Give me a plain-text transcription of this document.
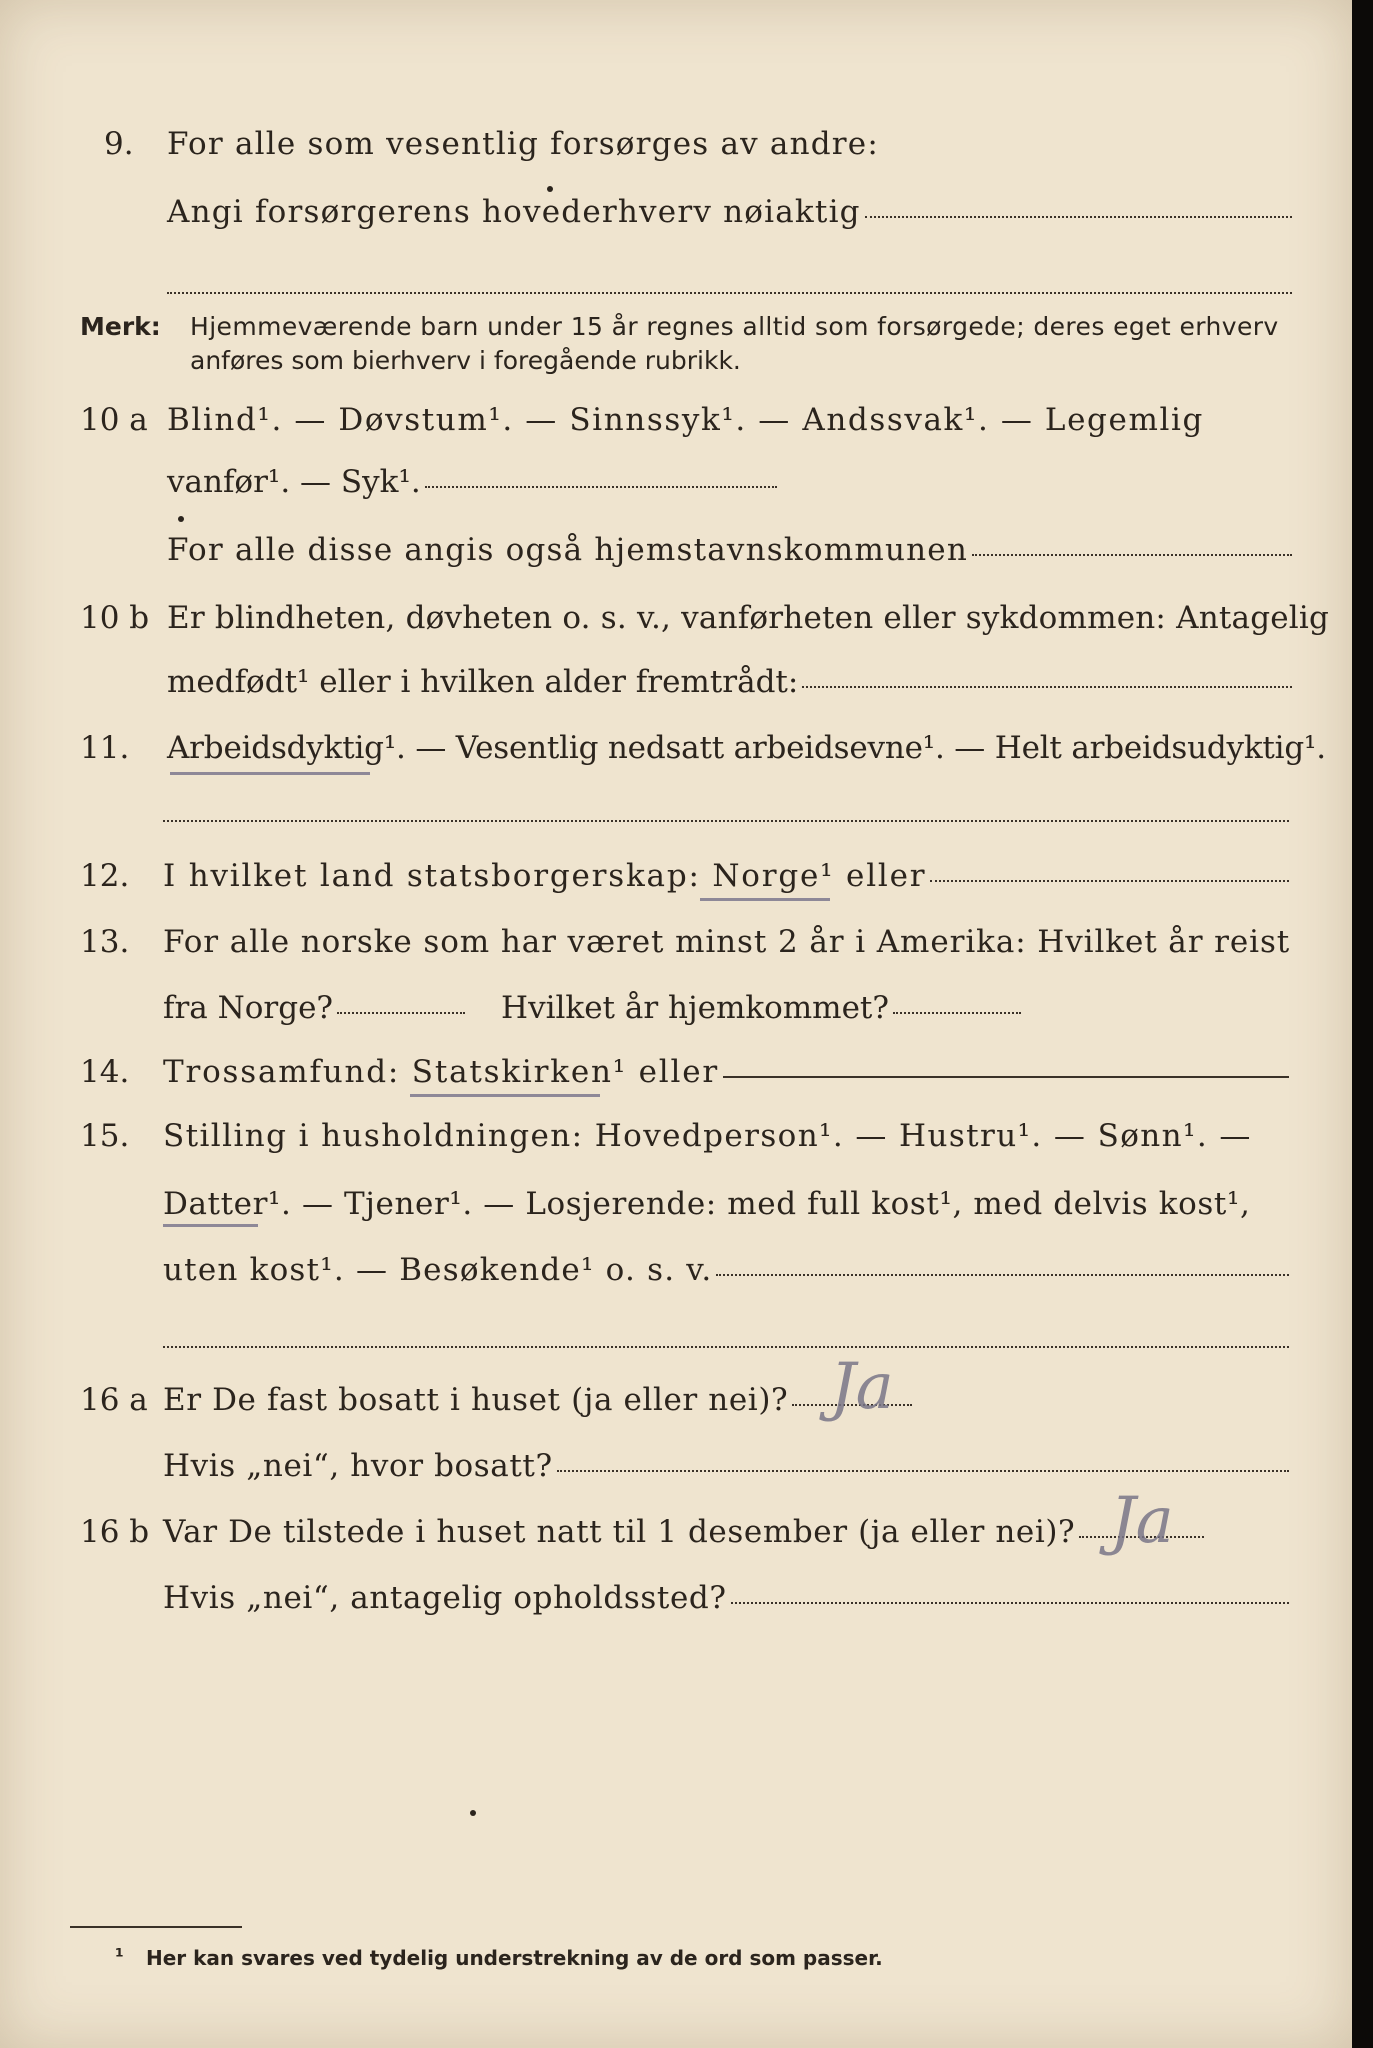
9. For alle som vesentlig forsørges av andre:
Angi forsørgerens hovederhverv nøiaktig
Merk: Hjemmeværende barn under 15 år regnes alltid som forsørgede; deres eget erhverv
anføres som bierhverv i foregående rubrikk.
10 a Blind¹. — Døvstum¹. — Sinnssyk¹. — Andssvak¹. — Legemlig
vanfør¹. — Syk¹.
For alle disse angis også hjemstavnskommunen
10 b Er blindheten, døvheten o. s. v., vanførheten eller sykdommen: Antagelig
medfødt¹ eller i hvilken alder fremtrådt:
11. Arbeidsdyktig¹. — Vesentlig nedsatt arbeidsevne¹. — Helt arbeidsudyktig¹.
12. I hvilket land statsborgerskap: Norge¹ eller
13. For alle norske som har været minst 2 år i Amerika: Hvilket år reist
fra Norge?	Hvilket år hjemkommet?
14. Trossamfund: Statskirken¹ eller
15. Stilling i husholdningen: Hovedperson¹. — Hustru¹. — Sønn¹. —
Datter¹. — Tjener¹. — Losjerende: med full kost¹, med delvis kost¹,
uten kost¹. — Besøkende¹ o. s. v.
16 a Er De fast bosatt i huset (ja eller nei)? Ja
Hvis „nei“, hvor bosatt?
16 b Var De tilstede i huset natt til 1 desember (ja eller nei)? Ja
Hvis „nei“, antagelig opholdssted?
¹ Her kan svares ved tydelig understrekning av de ord som passer.
